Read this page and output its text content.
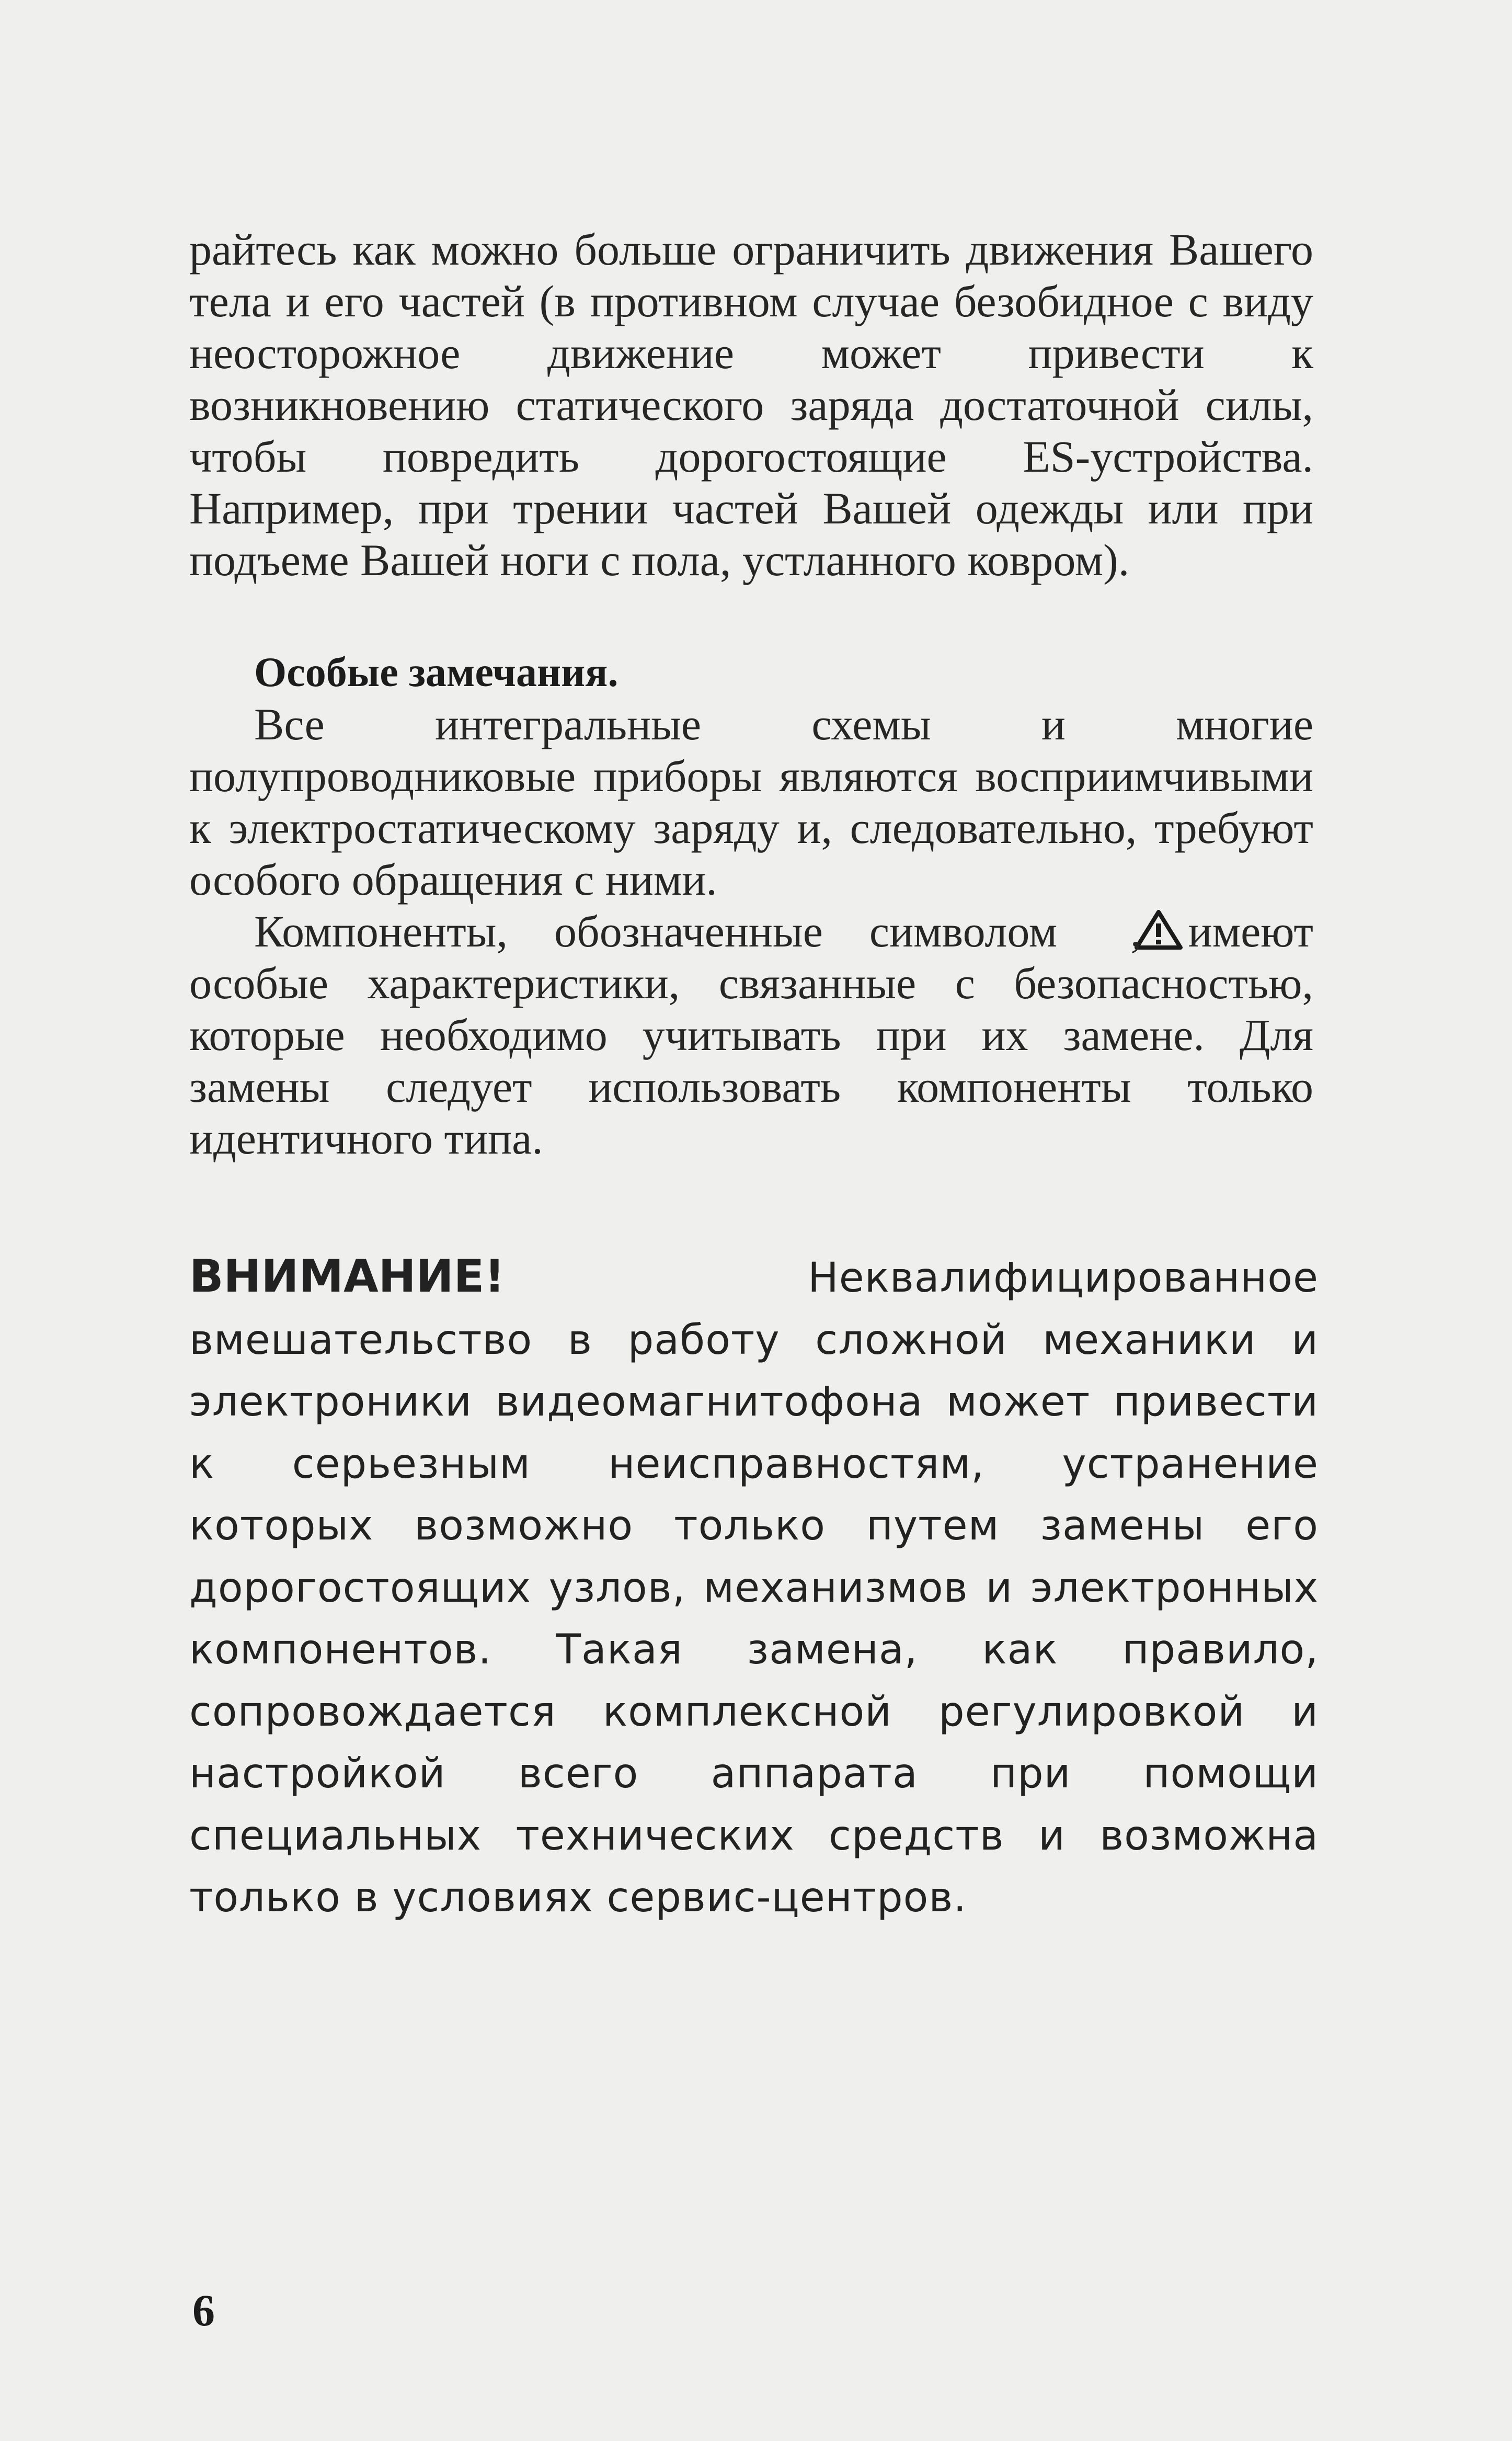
райтесь как можно больше ограничить движения Вашего тела и его частей (в противном случае безобидное с виду неосторожное движение может привести к возникновению статического заряда достаточной силы, чтобы повредить дорогостоящие ES-устройства. Например, при трении частей Вашей одежды или при подъеме Вашей ноги с пола, устланного ковром).

Особые замечания.

Все интегральные схемы и многие полупроводниковые приборы являются восприимчивыми к электростатическому заряду и, следовательно, требуют особого обращения с ними.

Компоненты, обозначенные символом , имеют особые характеристики, связанные с безопасностью, которые необходимо учитывать при их замене. Для замены следует использовать компоненты только идентичного типа.

ВНИМАНИЕ!	Неквалифицированное вмешательство в работу сложной механики и электроники видеомагнитофона может привести к серьезным неисправностям, устранение которых возможно только путем замены его дорогостоящих узлов, механизмов и электронных компонентов. Такая замена, как правило, сопровождается комплексной регулировкой и настройкой всего аппарата при помощи специальных технических средств и возможна только в условиях сервис-центров.

6
